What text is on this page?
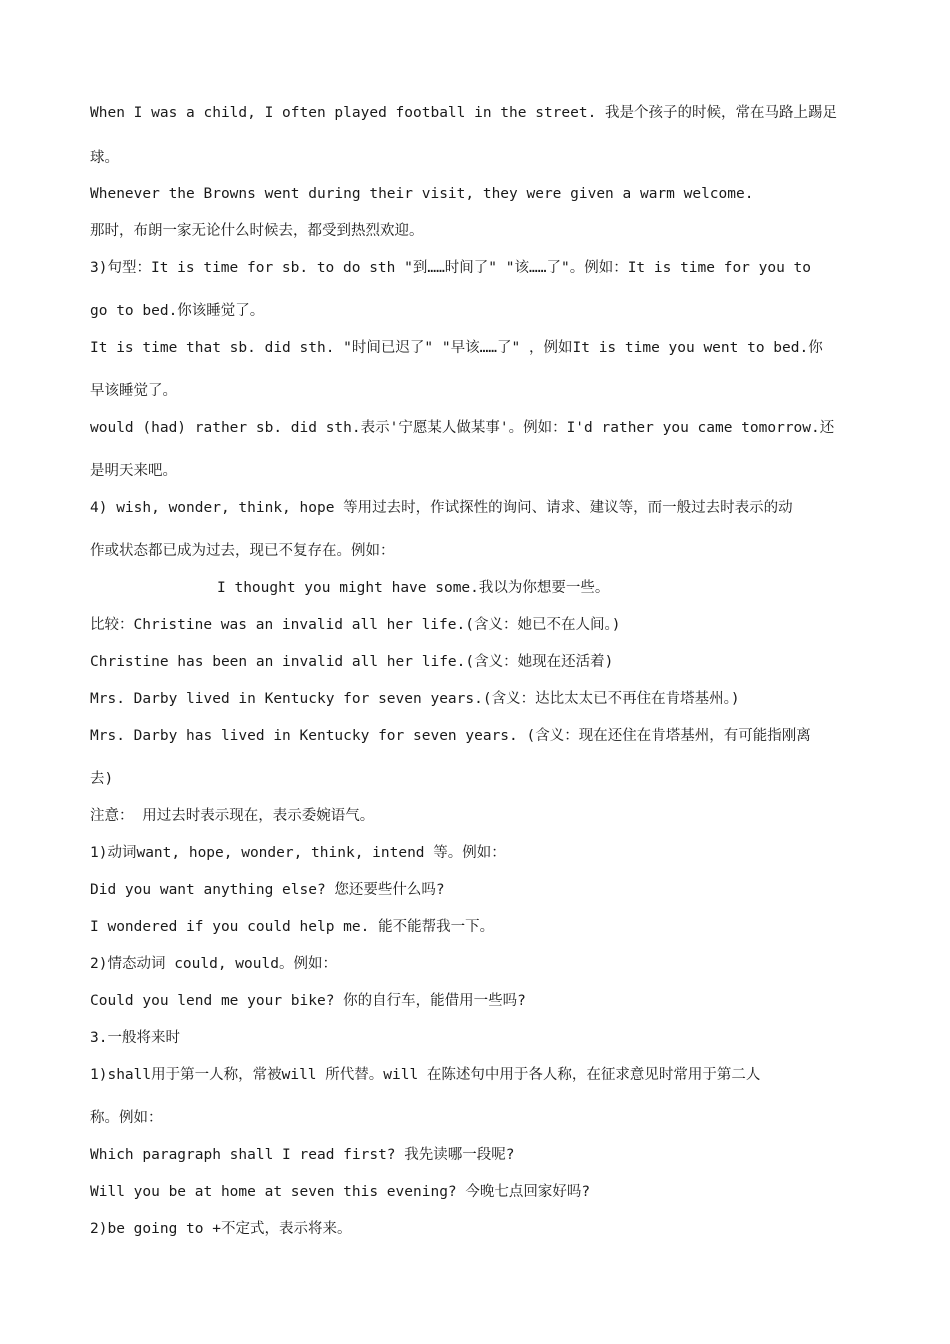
When I was a child, I often played football in the street. 我是个孩子的时候，常在马路上踢足
球。
Whenever the Browns went during their visit, they were given a warm welcome.
那时，布朗一家无论什么时候去，都受到热烈欢迎。
3)句型：It is time for sb. to do sth "到……时间了" "该……了"。例如：It is time for you to
go to bed.你该睡觉了。
It is time that sb. did sth. "时间已迟了" "早该……了" ，例如It is time you went to bed.你
早该睡觉了。
would (had) rather sb. did sth.表示'宁愿某人做某事'。例如：I'd rather you came tomorrow.还
是明天来吧。
4) wish, wonder, think, hope 等用过去时，作试探性的询问、请求、建议等，而一般过去时表示的动
作或状态都已成为过去，现已不复存在。例如：
I thought you might have some.我以为你想要一些。
比较：Christine was an invalid all her life.(含义：她已不在人间。)
Christine has been an invalid all her life.(含义：她现在还活着)
Mrs. Darby lived in Kentucky for seven years.(含义：达比太太已不再住在肯塔基州。)
Mrs. Darby has lived in Kentucky for seven years. (含义：现在还住在肯塔基州，有可能指刚离
去)
注意： 用过去时表示现在，表示委婉语气。
1)动词want, hope, wonder, think, intend 等。例如：
Did you want anything else? 您还要些什么吗?
I wondered if you could help me. 能不能帮我一下。
2)情态动词 could, would。例如：
Could you lend me your bike? 你的自行车，能借用一些吗?
3.一般将来时
1)shall用于第一人称，常被will 所代替。will 在陈述句中用于各人称，在征求意见时常用于第二人
称。例如：
Which paragraph shall I read first? 我先读哪一段呢?
Will you be at home at seven this evening? 今晚七点回家好吗?
2)be going to +不定式，表示将来。
